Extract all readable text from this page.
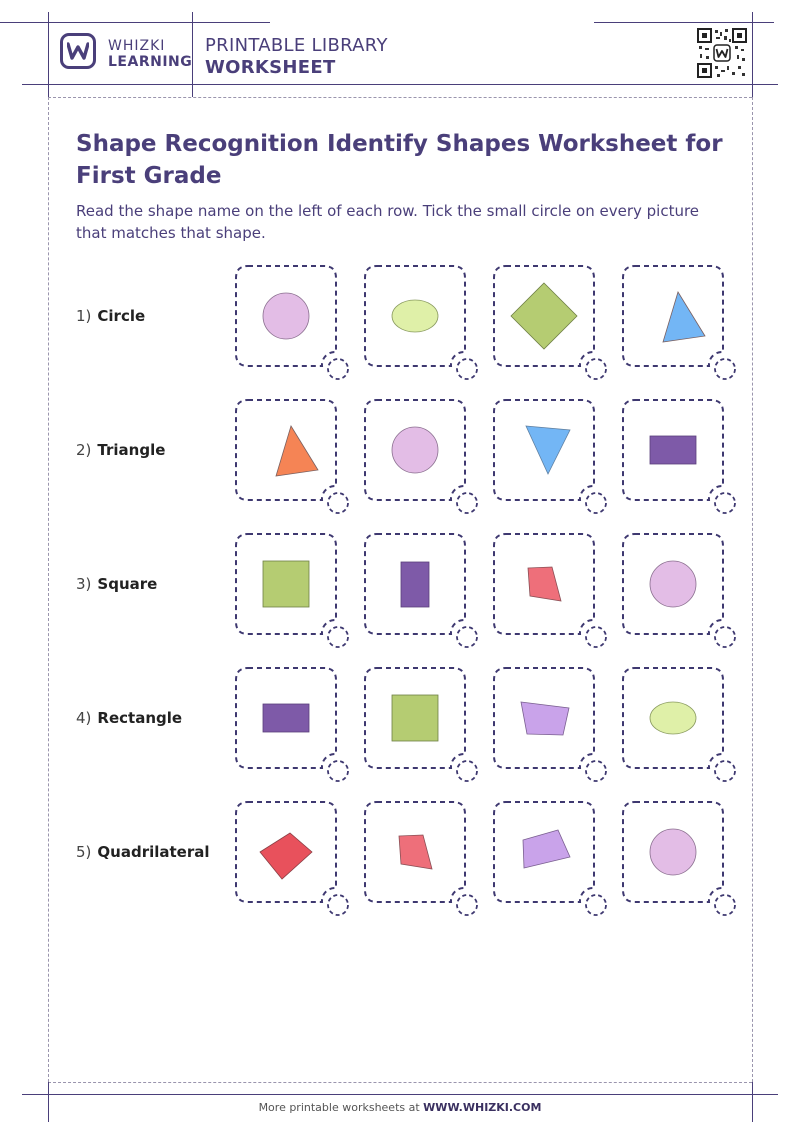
WHIZKI
LEARNING
PRINTABLE LIBRARY
WORKSHEET
Shape Recognition Identify Shapes Worksheet for First Grade
Read the shape name on the left of each row. Tick the small circle on every picture that matches that shape.
1) Circle
2) Triangle
3) Square
4) Rectangle
5) Quadrilateral
More printable worksheets at WWW.WHIZKI.COM
